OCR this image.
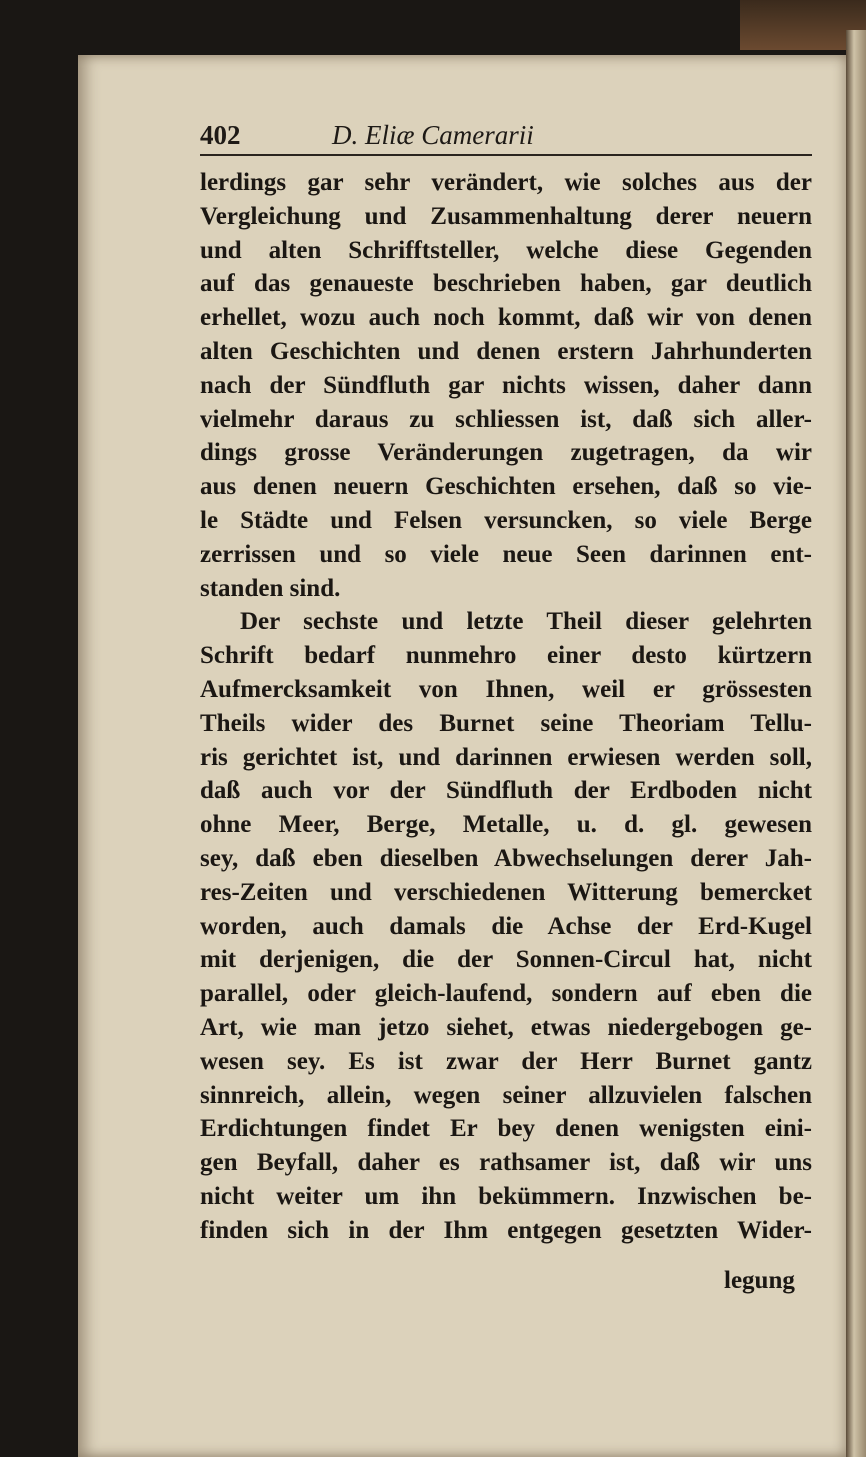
402	D. Eliæ Camerarii
lerdings gar sehr verändert, wie solches aus der
Vergleichung und Zusammenhaltung derer neuern
und alten Schrifftsteller, welche diese Gegenden
auf das genaueste beschrieben haben, gar deutlich
erhellet, wozu auch noch kommt, daß wir von denen
alten Geschichten und denen erstern Jahrhunderten
nach der Sündfluth gar nichts wissen, daher dann
vielmehr daraus zu schliessen ist, daß sich aller-
dings grosse Veränderungen zugetragen, da wir
aus denen neuern Geschichten ersehen, daß so vie-
le Städte und Felsen versuncken, so viele Berge
zerrissen und so viele neue Seen darinnen ent-
standen sind.
Der sechste und letzte Theil dieser gelehrten
Schrift bedarf nunmehro einer desto kürtzern
Aufmercksamkeit von Ihnen, weil er grössesten
Theils wider des Burnet seine Theoriam Tellu-
ris gerichtet ist, und darinnen erwiesen werden soll,
daß auch vor der Sündfluth der Erdboden nicht
ohne Meer, Berge, Metalle, u. d. gl. gewesen
sey, daß eben dieselben Abwechselungen derer Jah-
res-Zeiten und verschiedenen Witterung bemercket
worden, auch damals die Achse der Erd-Kugel
mit derjenigen, die der Sonnen-Circul hat, nicht
parallel, oder gleich-laufend, sondern auf eben die
Art, wie man jetzo siehet, etwas niedergebogen ge-
wesen sey. Es ist zwar der Herr Burnet gantz
sinnreich, allein, wegen seiner allzuvielen falschen
Erdichtungen findet Er bey denen wenigsten eini-
gen Beyfall, daher es rathsamer ist, daß wir uns
nicht weiter um ihn bekümmern. Inzwischen be-
finden sich in der Ihm entgegen gesetzten Wider-
legung
